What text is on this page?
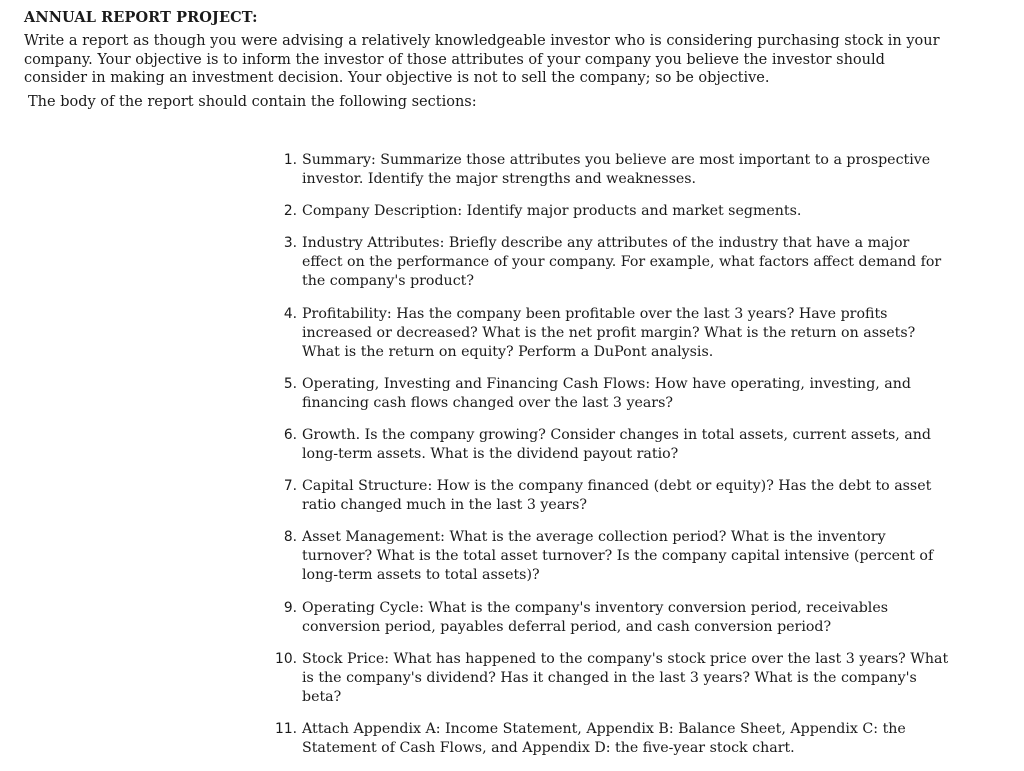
ANNUAL REPORT PROJECT:

Write a report as though you were advising a relatively knowledgeable investor who is considering purchasing stock in your company. Your objective is to inform the investor of those attributes of your company you believe the investor should consider in making an investment decision. Your objective is not to sell the company; so be objective.

The body of the report should contain the following sections:

1. Summary: Summarize those attributes you believe are most important to a prospective investor. Identify the major strengths and weaknesses.
2. Company Description: Identify major products and market segments.
3. Industry Attributes: Briefly describe any attributes of the industry that have a major effect on the performance of your company. For example, what factors affect demand for the company's product?
4. Profitability: Has the company been profitable over the last 3 years? Have profits increased or decreased? What is the net profit margin? What is the return on assets? What is the return on equity? Perform a DuPont analysis.
5. Operating, Investing and Financing Cash Flows: How have operating, investing, and financing cash flows changed over the last 3 years?
6. Growth. Is the company growing? Consider changes in total assets, current assets, and long-term assets. What is the dividend payout ratio?
7. Capital Structure: How is the company financed (debt or equity)? Has the debt to asset ratio changed much in the last 3 years?
8. Asset Management: What is the average collection period? What is the inventory turnover? What is the total asset turnover? Is the company capital intensive (percent of long-term assets to total assets)?
9. Operating Cycle: What is the company's inventory conversion period, receivables conversion period, payables deferral period, and cash conversion period?
10. Stock Price: What has happened to the company's stock price over the last 3 years? What is the company's dividend? Has it changed in the last 3 years? What is the company's beta?
11. Attach Appendix A: Income Statement, Appendix B: Balance Sheet, Appendix C: the Statement of Cash Flows, and Appendix D: the five-year stock chart.
